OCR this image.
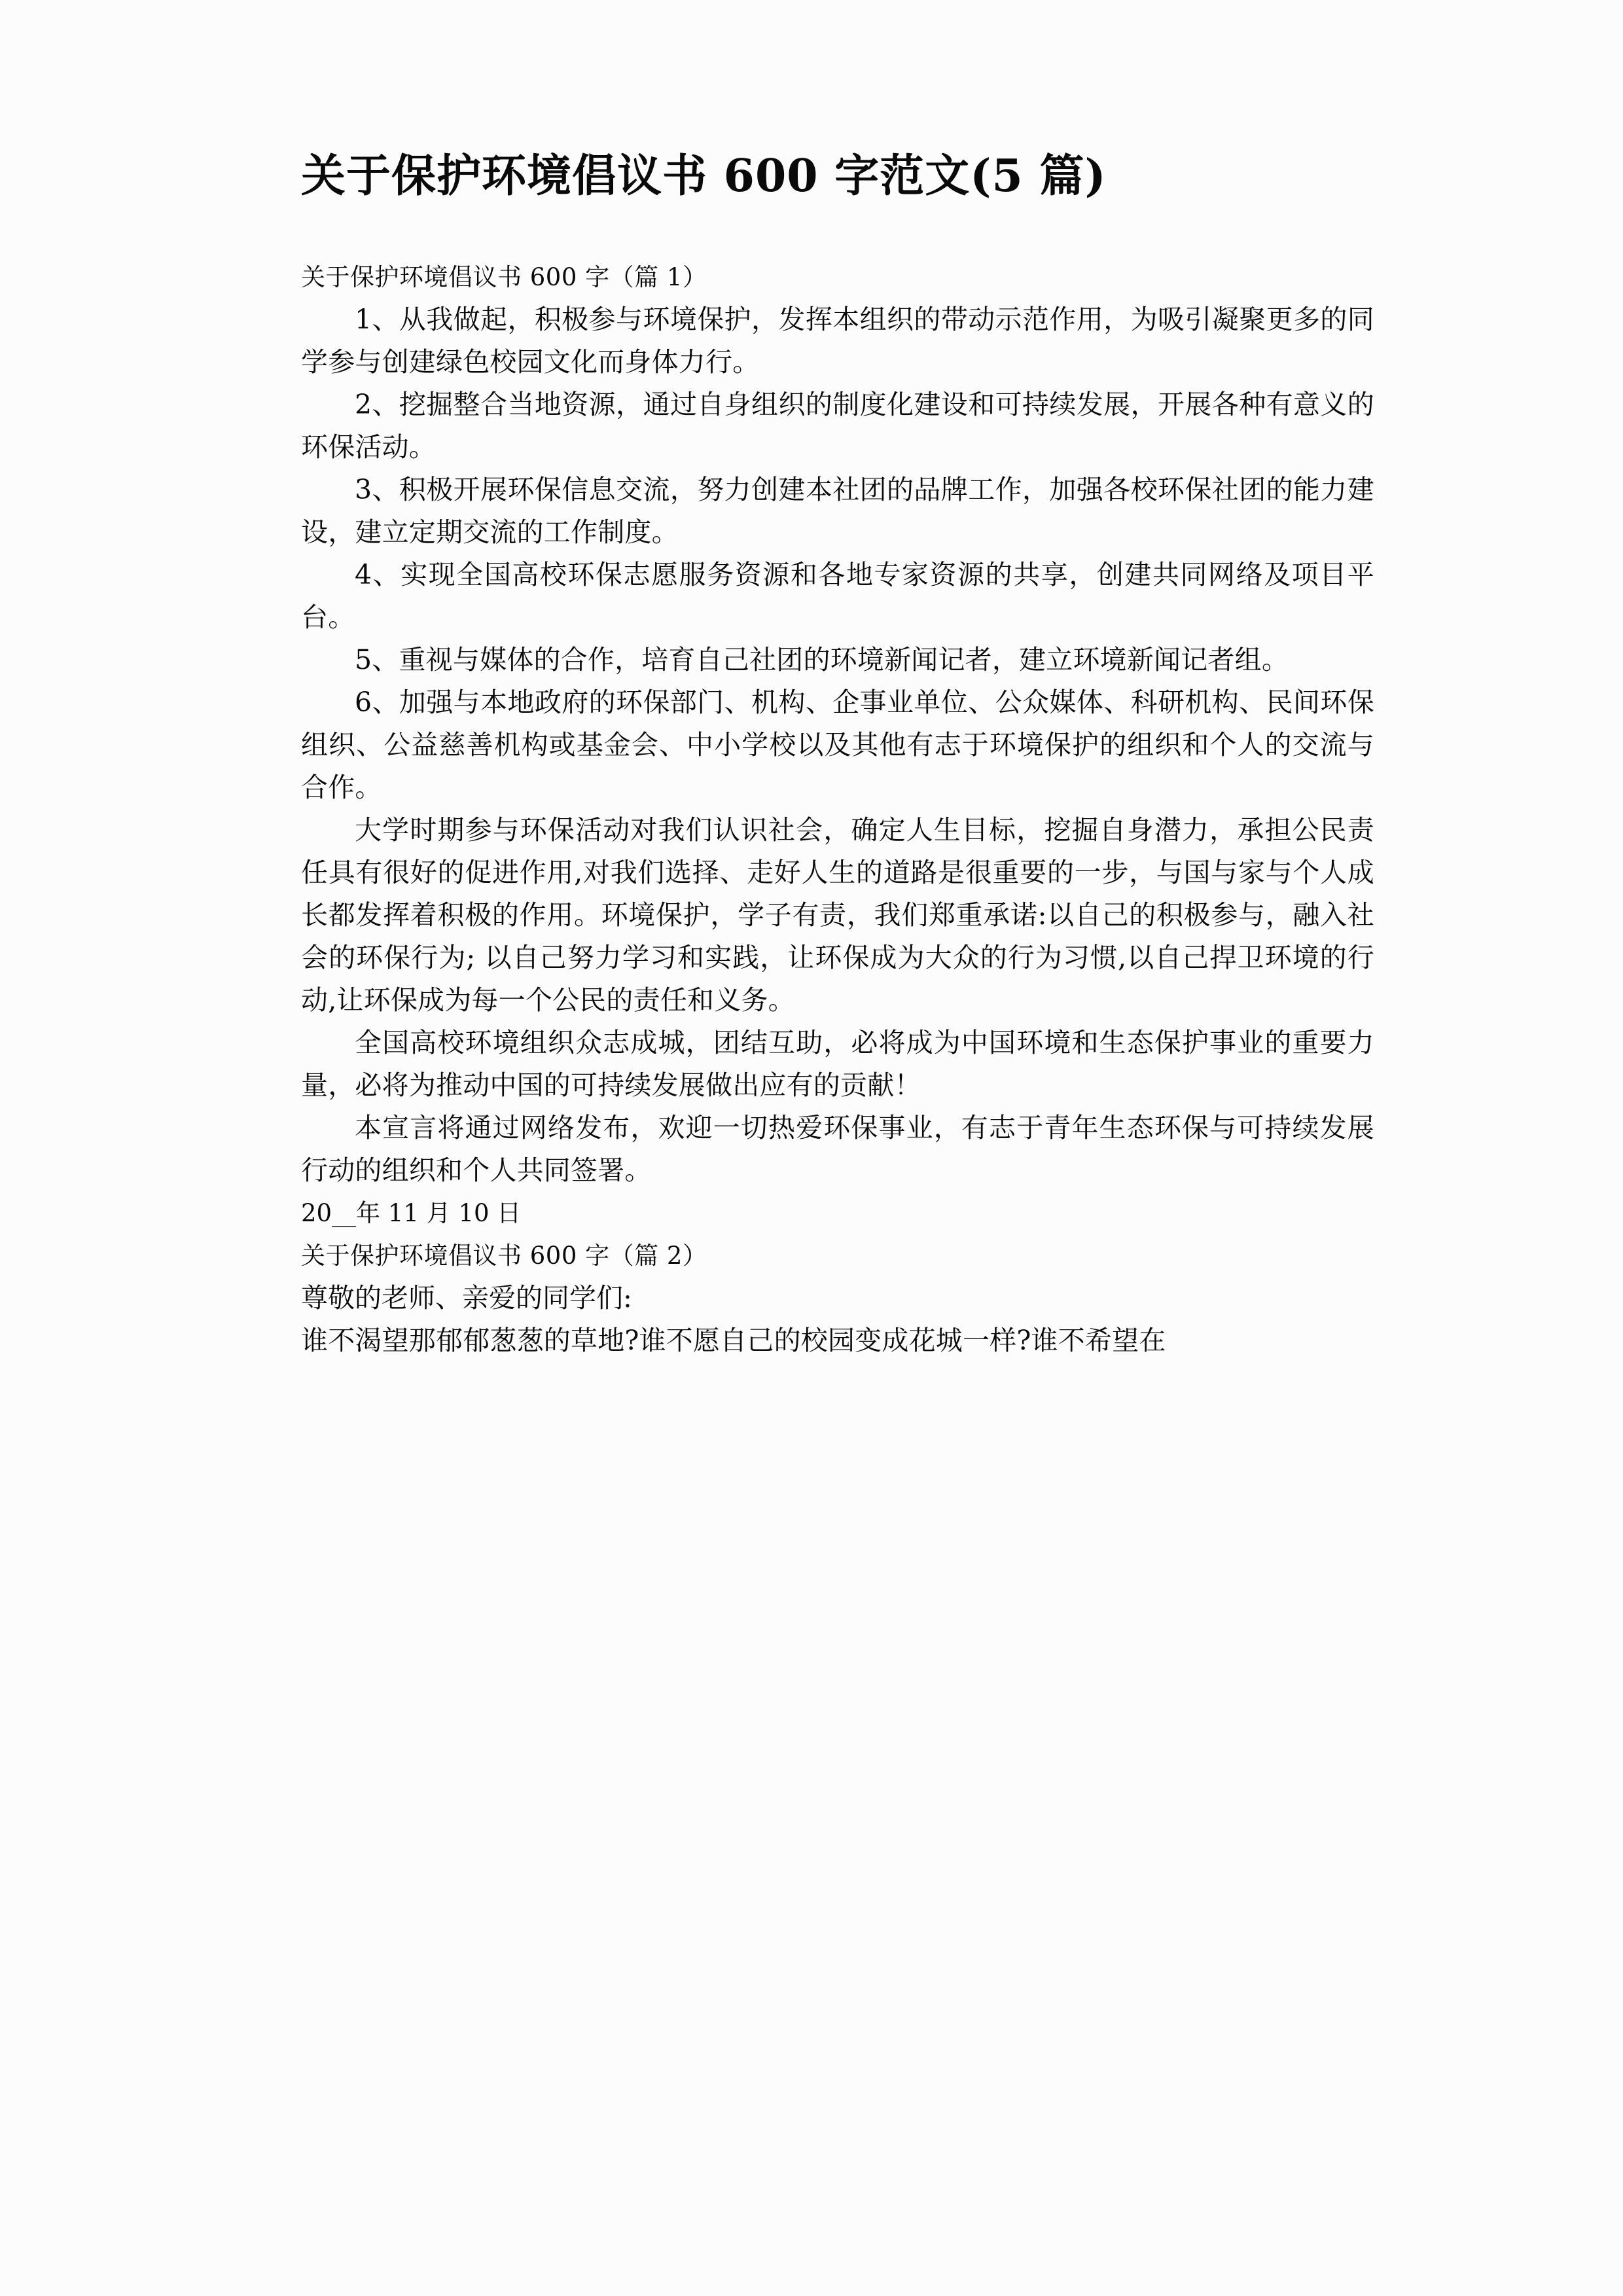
关于保护环境倡议书 600 字范文(5 篇)

关于保护环境倡议书 600 字（篇 1）

1、从我做起，积极参与环境保护，发挥本组织的带动示范作用，为吸引凝聚更多的同学参与创建绿色校园文化而身体力行。

2、挖掘整合当地资源，通过自身组织的制度化建设和可持续发展，开展各种有意义的环保活动。

3、积极开展环保信息交流，努力创建本社团的品牌工作，加强各校环保社团的能力建设，建立定期交流的工作制度。

4、实现全国高校环保志愿服务资源和各地专家资源的共享，创建共同网络及项目平台。

5、重视与媒体的合作，培育自己社团的环境新闻记者，建立环境新闻记者组。

6、加强与本地政府的环保部门、机构、企事业单位、公众媒体、科研机构、民间环保组织、公益慈善机构或基金会、中小学校以及其他有志于环境保护的组织和个人的交流与合作。

大学时期参与环保活动对我们认识社会，确定人生目标，挖掘自身潜力，承担公民责任具有很好的促进作用,对我们选择、走好人生的道路是很重要的一步，与国与家与个人成长都发挥着积极的作用。环境保护，学子有责，我们郑重承诺:以自己的积极参与，融入社会的环保行为; 以自己努力学习和实践，让环保成为大众的行为习惯,以自己捍卫环境的行动,让环保成为每一个公民的责任和义务。

全国高校环境组织众志成城，团结互助，必将成为中国环境和生态保护事业的重要力量，必将为推动中国的可持续发展做出应有的贡献！

本宣言将通过网络发布，欢迎一切热爱环保事业，有志于青年生态环保与可持续发展行动的组织和个人共同签署。

20__年 11 月 10 日

关于保护环境倡议书 600 字（篇 2）

尊敬的老师、亲爱的同学们:

谁不渴望那郁郁葱葱的草地?谁不愿自己的校园变成花城一样?谁不希望在
